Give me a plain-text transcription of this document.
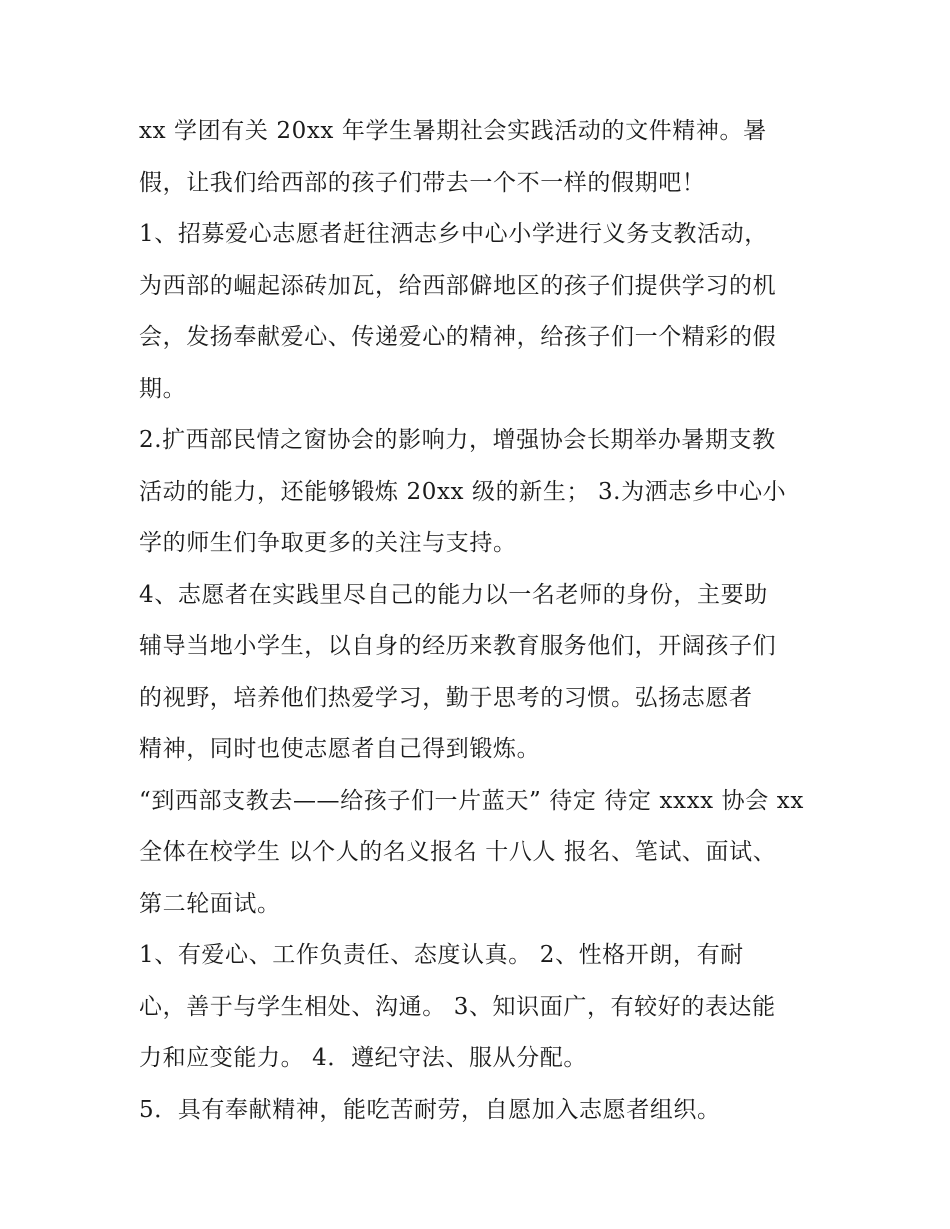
xx 学团有关 20xx 年学生暑期社会实践活动的文件精神。暑
假，让我们给西部的孩子们带去一个不一样的假期吧！
1、招募爱心志愿者赶往洒志乡中心小学进行义务支教活动，
为西部的崛起添砖加瓦，给西部僻地区的孩子们提供学习的机
会，发扬奉献爱心、传递爱心的精神，给孩子们一个精彩的假
期。
2.扩西部民情之窗协会的影响力，增强协会长期举办暑期支教
活动的能力，还能够锻炼 20xx 级的新生； 3.为洒志乡中心小
学的师生们争取更多的关注与支持。
4、志愿者在实践里尽自己的能力以一名老师的身份，主要助
辅导当地小学生，以自身的经历来教育服务他们，开阔孩子们
的视野，培养他们热爱学习，勤于思考的习惯。弘扬志愿者
精神，同时也使志愿者自己得到锻炼。
“到西部支教去——给孩子们一片蓝天” 待定 待定 xxxx 协会 xx
全体在校学生 以个人的名义报名 十八人 报名、笔试、面试、
第二轮面试。
1、有爱心、工作负责任、态度认真。 2、性格开朗，有耐
心，善于与学生相处、沟通。 3、知识面广，有较好的表达能
力和应变能力。 4．遵纪守法、服从分配。
5．具有奉献精神，能吃苦耐劳，自愿加入志愿者组织。
